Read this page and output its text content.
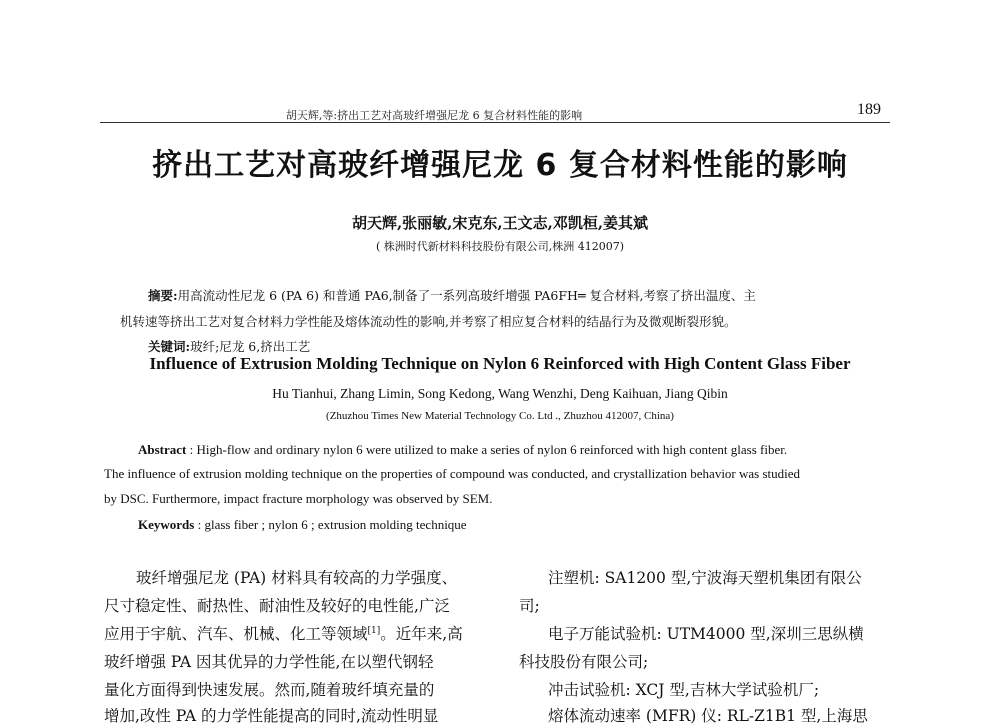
胡天辉,等:挤出工艺对高玻纤增强尼龙 6 复合材料性能的影响	189
挤出工艺对高玻纤增强尼龙 6 复合材料性能的影响
胡天辉,张丽敏,宋克东,王文志,邓凯桓,姜其斌
( 株洲时代新材料科技股份有限公司,株洲 412007)
摘要:用高流动性尼龙 6 (PA 6) 和普通 PA6,制备了一系列高玻纤增强 PA6FH═ 复合材料,考察了挤出温度、主
机转速等挤出工艺对复合材料力学性能及熔体流动性的影响,并考察了相应复合材料的结晶行为及微观断裂形貌。
关键词:玻纤;尼龙 6,挤出工艺
Influence of Extrusion Molding Technique on Nylon 6 Reinforced with High Content Glass Fiber
Hu Tianhui, Zhang Limin, Song Kedong, Wang Wenzhi, Deng Kaihuan, Jiang Qibin
(Zhuzhou Times New Material Technology Co. Ltd ., Zhuzhou 412007, China)
Abstract : High-flow and ordinary nylon 6 were utilized to make a series of nylon 6 reinforced with high content glass fiber.
The influence of extrusion molding technique on the properties of compound was conducted, and crystallization behavior was studied
by DSC. Furthermore, impact fracture morphology was observed by SEM.
Keywords : glass fiber ; nylon 6 ; extrusion molding technique
玻纤增强尼龙 (PA) 材料具有较高的力学强度、
尺寸稳定性、耐热性、耐油性及较好的电性能,广泛
应用于宇航、汽车、机械、化工等领域[1]。近年来,高
玻纤增强 PA 因其优异的力学性能,在以塑代钢轻
量化方面得到快速发展。然而,随着玻纤填充量的
增加,改性 PA 的力学性能提高的同时,流动性明显
注塑机: SA1200 型,宁波海天塑机集团有限公
司;
电子万能试验机: UTM4000 型,深圳三思纵横
科技股份有限公司;
冲击试验机: XCJ 型,吉林大学试验机厂;
熔体流动速率 (MFR) 仪: RL-Z1B1 型,上海思
